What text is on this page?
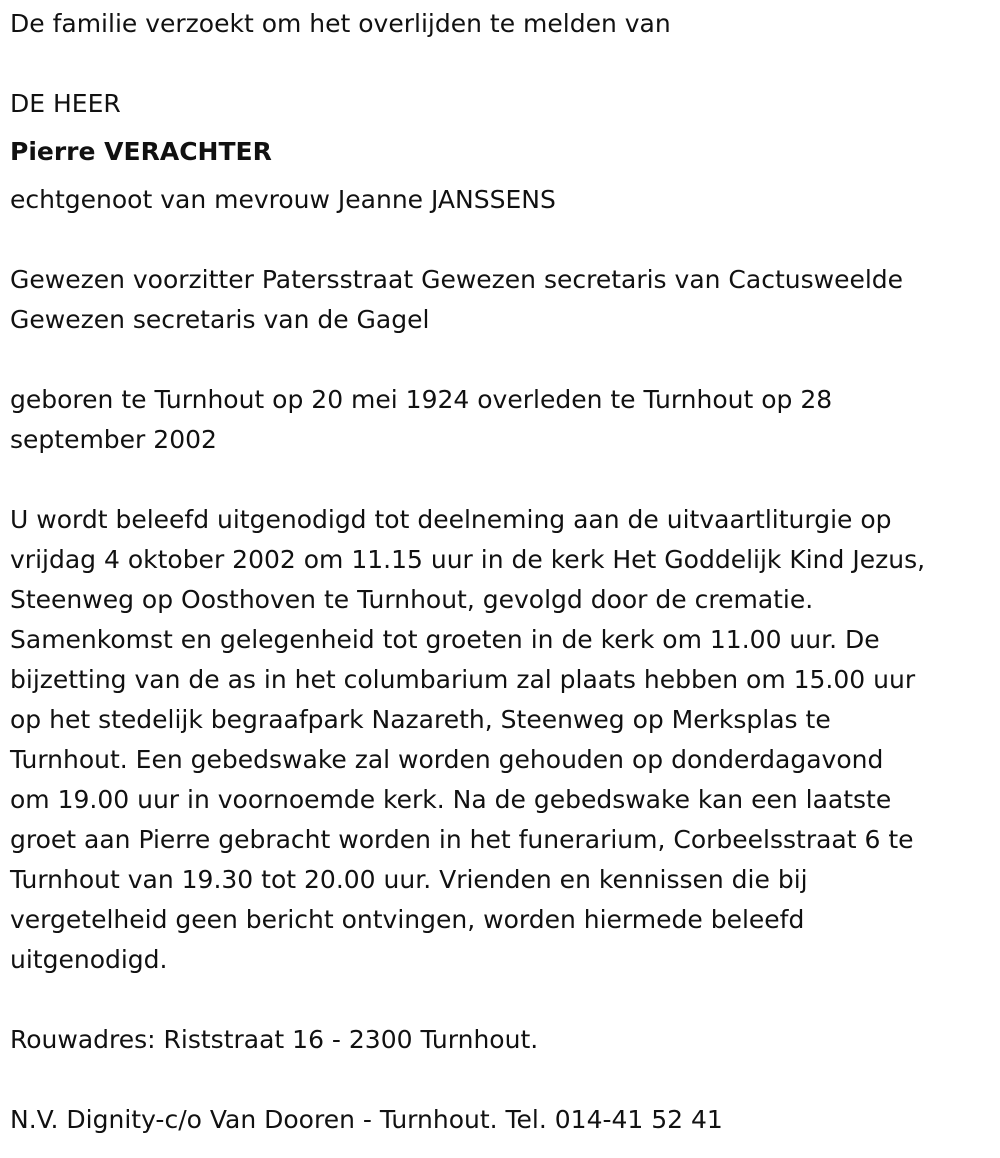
De familie verzoekt om het overlijden te melden van

DE HEER

Pierre VERACHTER

echtgenoot van mevrouw Jeanne JANSSENS

Gewezen voorzitter Patersstraat Gewezen secretaris van Cactusweelde

Gewezen secretaris van de Gagel

geboren te Turnhout op 20 mei 1924 overleden te Turnhout op 28

september 2002

U wordt beleefd uitgenodigd tot deelneming aan de uitvaartliturgie op

vrijdag 4 oktober 2002 om 11.15 uur in de kerk Het Goddelijk Kind Jezus,

Steenweg op Oosthoven te Turnhout, gevolgd door de crematie.

Samenkomst en gelegenheid tot groeten in de kerk om 11.00 uur. De

bijzetting van de as in het columbarium zal plaats hebben om 15.00 uur

op het stedelijk begraafpark Nazareth, Steenweg op Merksplas te

Turnhout. Een gebedswake zal worden gehouden op donderdagavond

om 19.00 uur in voornoemde kerk. Na de gebedswake kan een laatste

groet aan Pierre gebracht worden in het funerarium, Corbeelsstraat 6 te

Turnhout van 19.30 tot 20.00 uur. Vrienden en kennissen die bij

vergetelheid geen bericht ontvingen, worden hiermede beleefd

uitgenodigd.

Rouwadres: Riststraat 16 - 2300 Turnhout.

N.V. Dignity-c/o Van Dooren - Turnhout. Tel. 014-41 52 41
